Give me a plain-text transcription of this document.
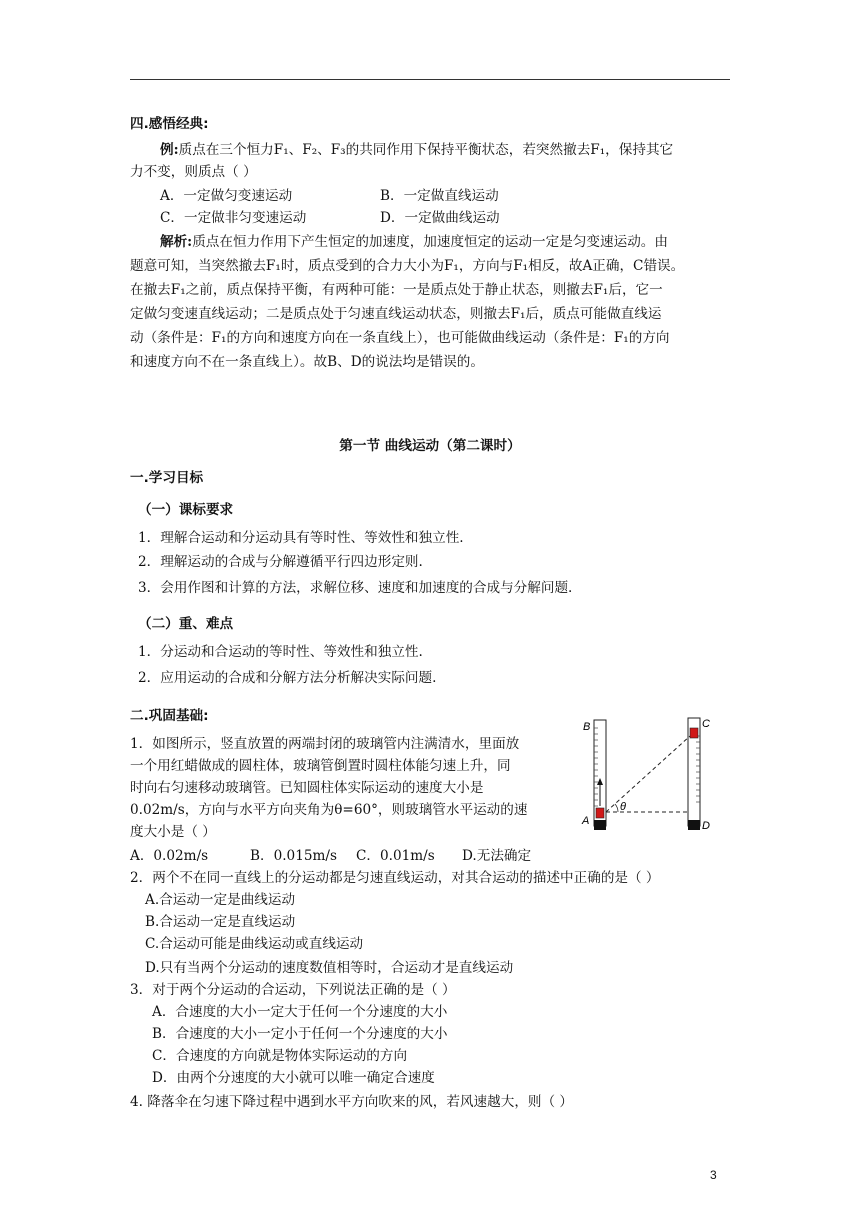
四.感悟经典:
例:质点在三个恒力F₁、F₂、F₃的共同作用下保持平衡状态，若突然撤去F₁，保持其它
力不变，则质点（ ）
A．一定做匀变速运动	B．一定做直线运动
C．一定做非匀变速运动	D．一定做曲线运动
解析:质点在恒力作用下产生恒定的加速度，加速度恒定的运动一定是匀变速运动。由
题意可知，当突然撤去F₁时，质点受到的合力大小为F₁，方向与F₁相反，故A正确，C错误。
在撤去F₁之前，质点保持平衡，有两种可能：一是质点处于静止状态，则撤去F₁后，它一
定做匀变速直线运动；二是质点处于匀速直线运动状态，则撤去F₁后，质点可能做直线运
动（条件是：F₁的方向和速度方向在一条直线上），也可能做曲线运动（条件是：F₁的方向
和速度方向不在一条直线上）。故B、D的说法均是错误的。
第一节 曲线运动（第二课时）
一.学习目标
（一）课标要求
1．理解合运动和分运动具有等时性、等效性和独立性.
2．理解运动的合成与分解遵循平行四边形定则.
3．会用作图和计算的方法，求解位移、速度和加速度的合成与分解问题.
（二）重、难点
1．分运动和合运动的等时性、等效性和独立性.
2．应用运动的合成和分解方法分析解决实际问题.
二.巩固基础:
1．如图所示，竖直放置的两端封闭的玻璃管内注满清水，里面放
一个用红蜡做成的圆柱体，玻璃管倒置时圆柱体能匀速上升，同
时向右匀速移动玻璃管。已知圆柱体实际运动的速度大小是
0.02m/s，方向与水平方向夹角为θ=60°，则玻璃管水平运动的速
度大小是（ ）
A．0.02m/s	B．0.015m/s C．0.01m/s D.无法确定
θ
B
A
C
D
2．两个不在同一直线上的分运动都是匀速直线运动，对其合运动的描述中正确的是（ ）
A.合运动一定是曲线运动
B.合运动一定是直线运动
C.合运动可能是曲线运动或直线运动
D.只有当两个分运动的速度数值相等时，合运动才是直线运动
3．对于两个分运动的合运动，下列说法正确的是（ ）
A．合速度的大小一定大于任何一个分速度的大小
B．合速度的大小一定小于任何一个分速度的大小
C．合速度的方向就是物体实际运动的方向
D．由两个分速度的大小就可以唯一确定合速度
4. 降落伞在匀速下降过程中遇到水平方向吹来的风，若风速越大，则（ ）
3
